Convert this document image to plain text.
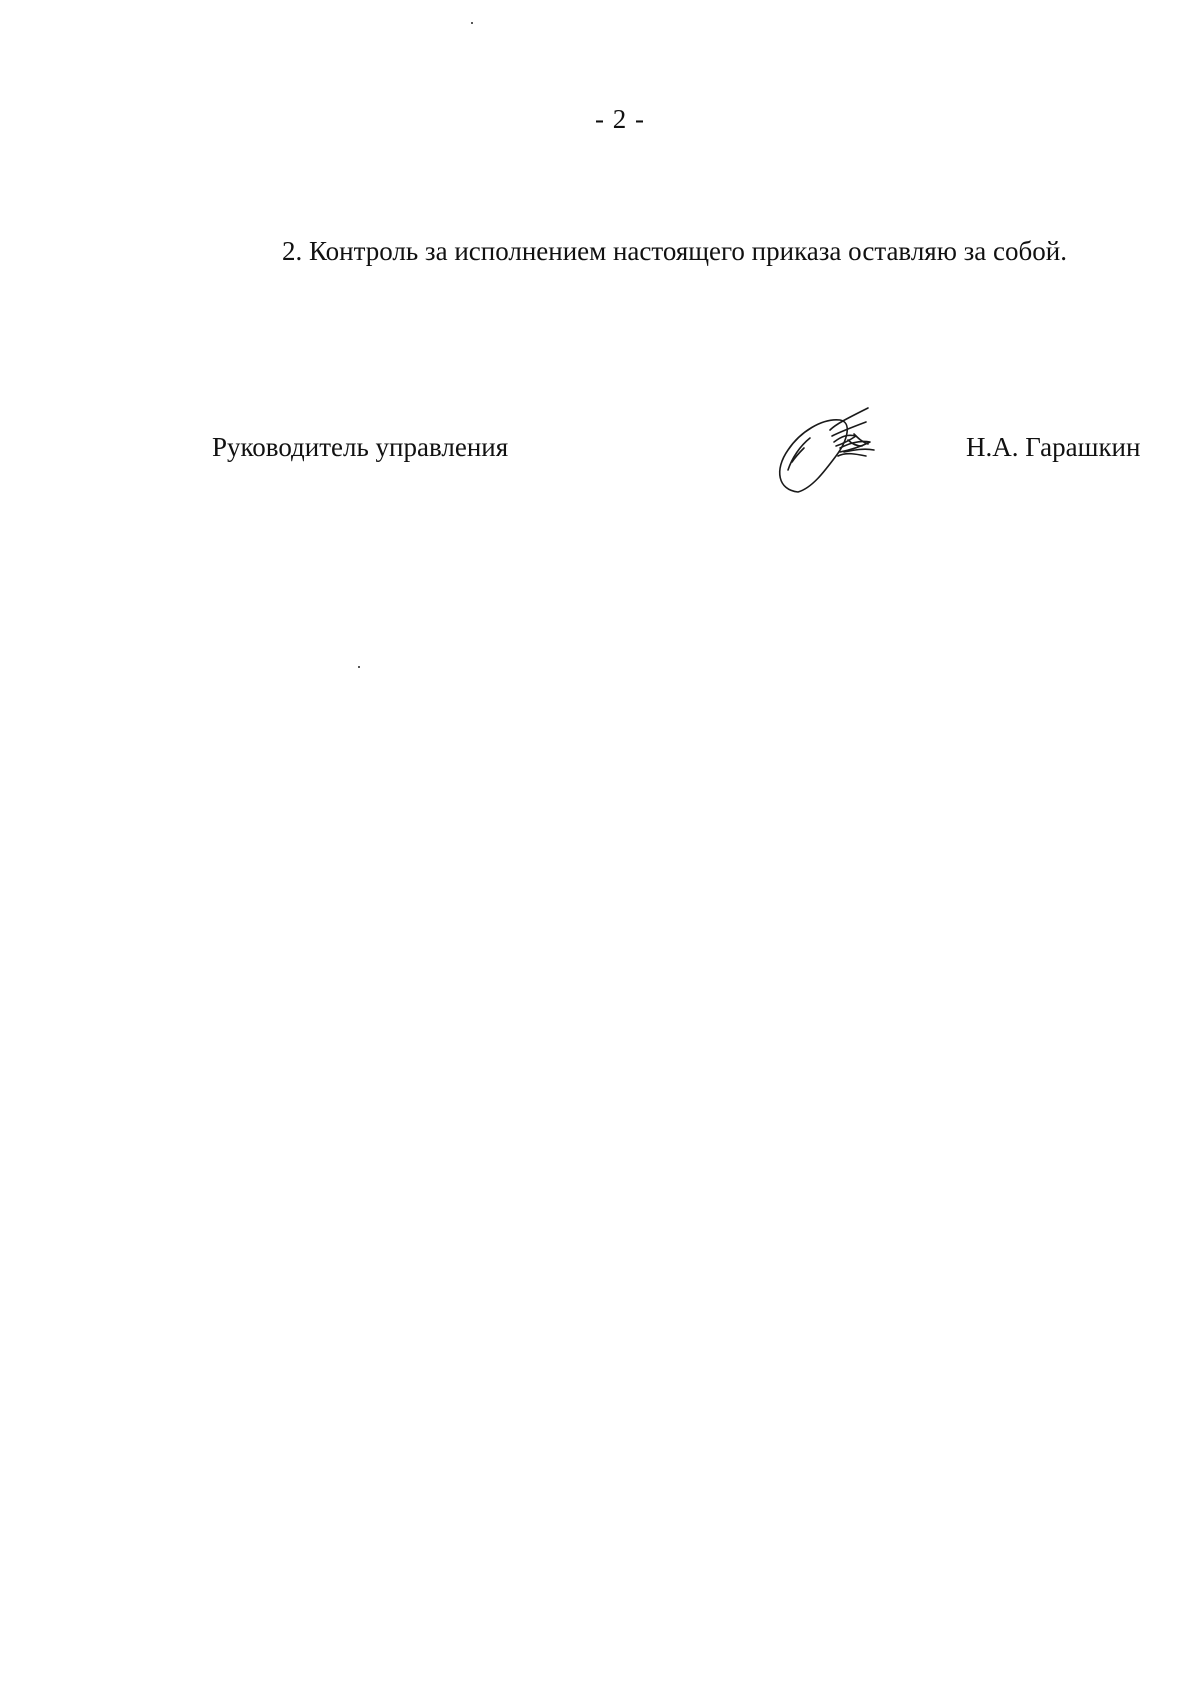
- 2 -
2. Контроль за исполнением настоящего приказа оставляю за собой.
Руководитель управления	Н.А. Гарашкин
